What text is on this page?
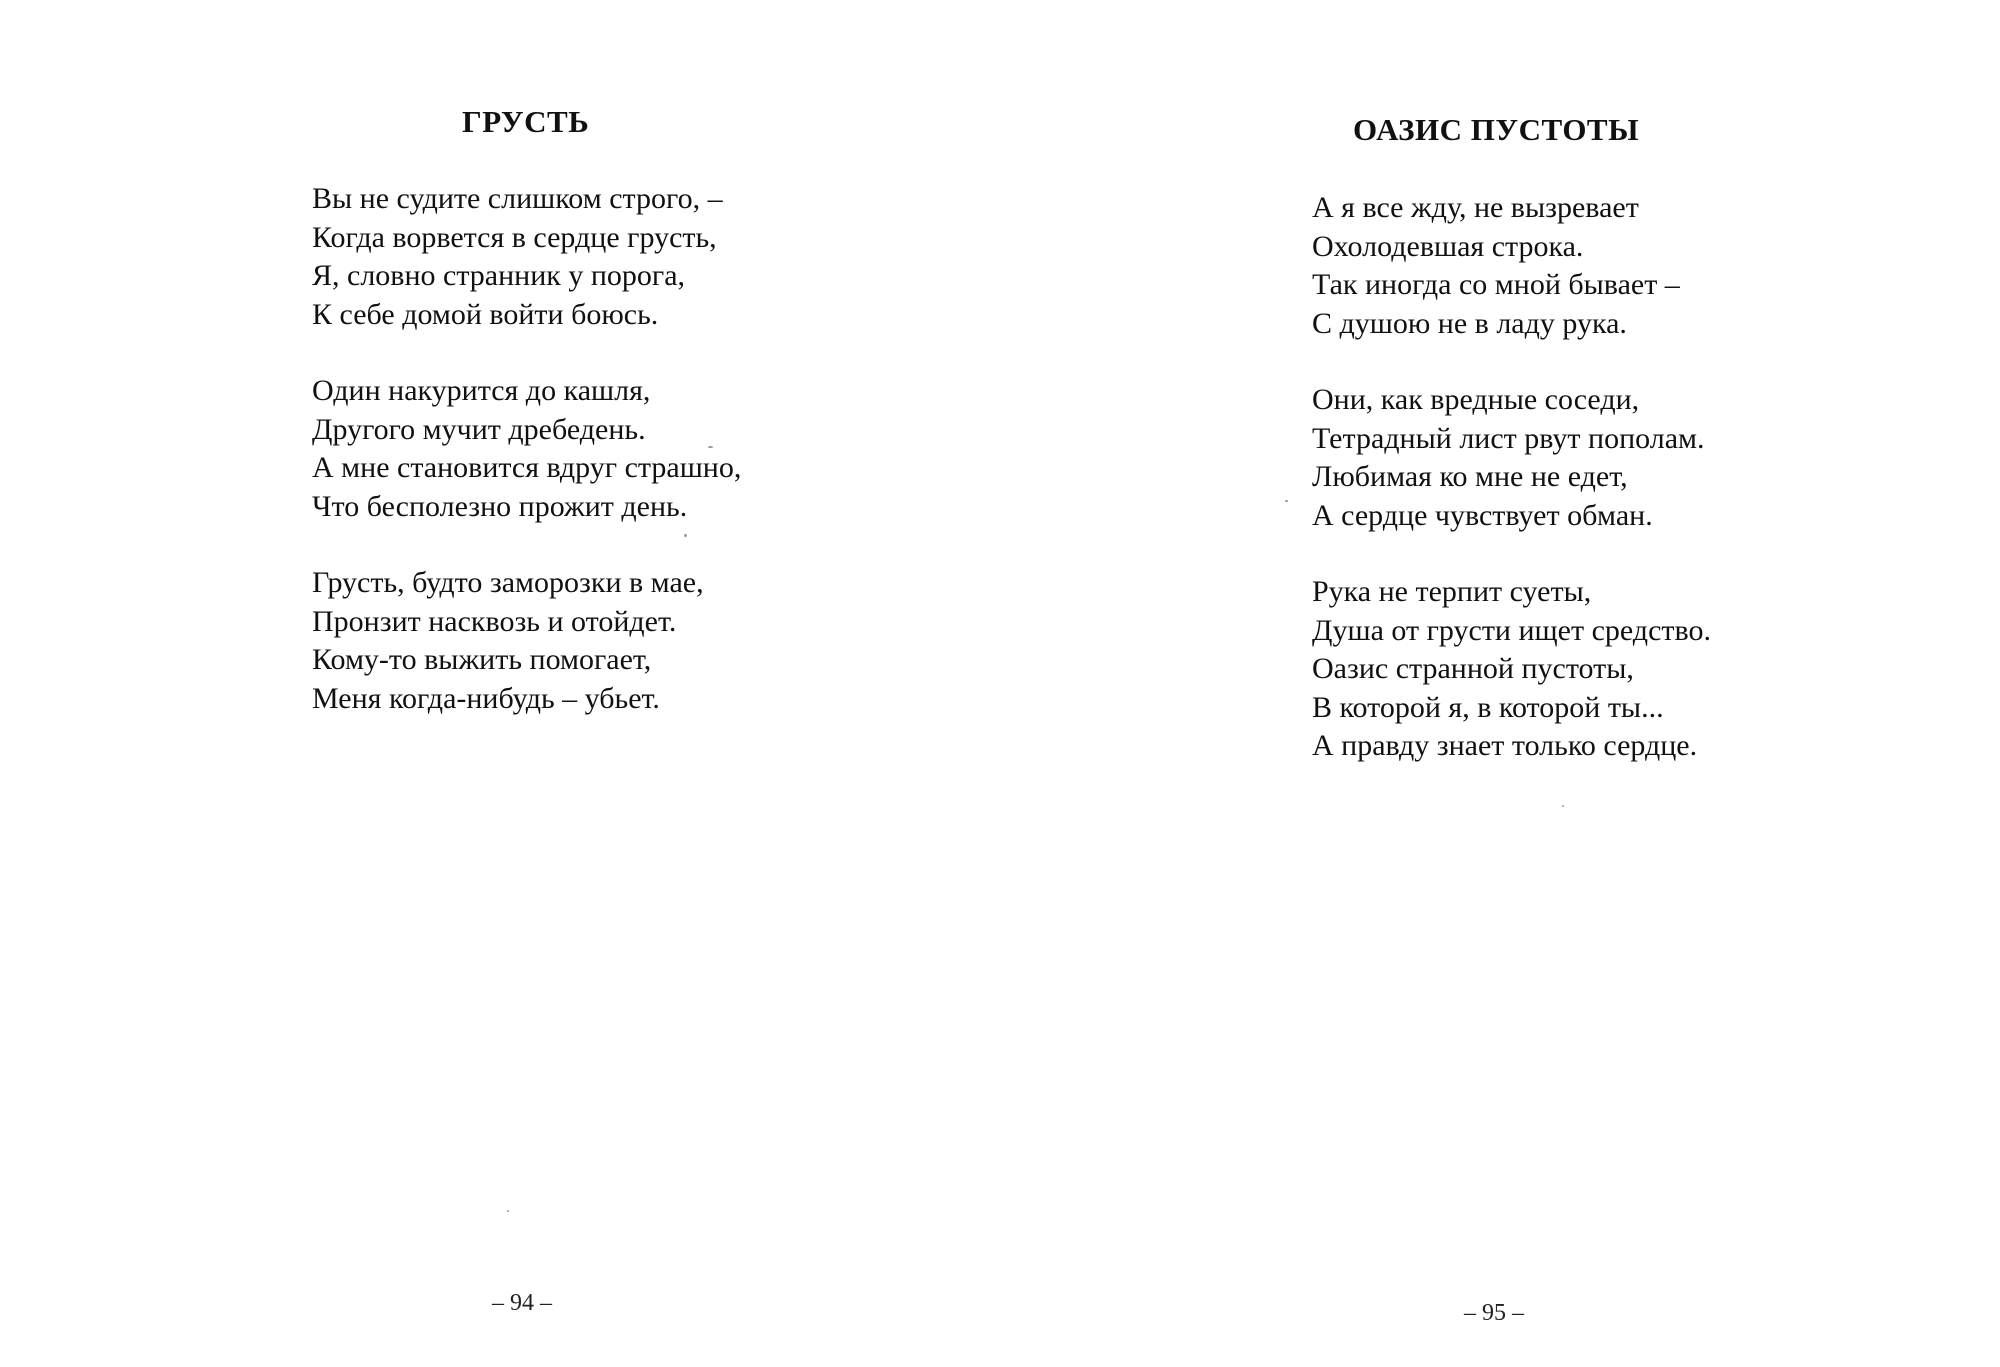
ГРУСТЬ
Вы не судите слишком строго, –
Когда ворвется в сердце грусть,
Я, словно странник у порога,
К себе домой войти боюсь.
Один накурится до кашля,
Другого мучит дребедень.
А мне становится вдруг страшно,
Что бесполезно прожит день.
Грусть, будто заморозки в мае,
Пронзит насквозь и отойдет.
Кому-то выжить помогает,
Меня когда-нибудь – убьет.
– 94 –
ОАЗИС ПУСТОТЫ
А я все жду, не вызревает
Охолодевшая строка.
Так иногда со мной бывает –
С душою не в ладу рука.
Они, как вредные соседи,
Тетрадный лист рвут пополам.
Любимая ко мне не едет,
А сердце чувствует обман.
Рука не терпит суеты,
Душа от грусти ищет средство.
Оазис странной пустоты,
В которой я, в которой ты...
А правду знает только сердце.
– 95 –
